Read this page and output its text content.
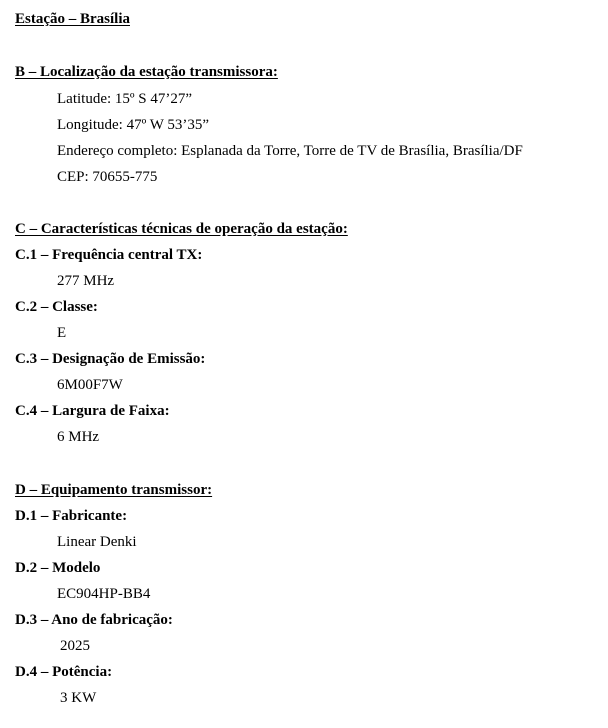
Estação – Brasília
B – Localização da estação transmissora:
Latitude: 15º S 47’27”
Longitude: 47º W 53’35”
Endereço completo: Esplanada da Torre, Torre de TV de Brasília, Brasília/DF
CEP: 70655-775
C – Características técnicas de operação da estação:
C.1 – Frequência central TX:
277 MHz
C.2 – Classe:
E
C.3 – Designação de Emissão:
6M00F7W
C.4 – Largura de Faixa:
6 MHz
D – Equipamento transmissor:
D.1 – Fabricante:
Linear Denki
D.2 – Modelo
EC904HP-BB4
D.3 – Ano de fabricação:
2025
D.4 – Potência:
3 KW
